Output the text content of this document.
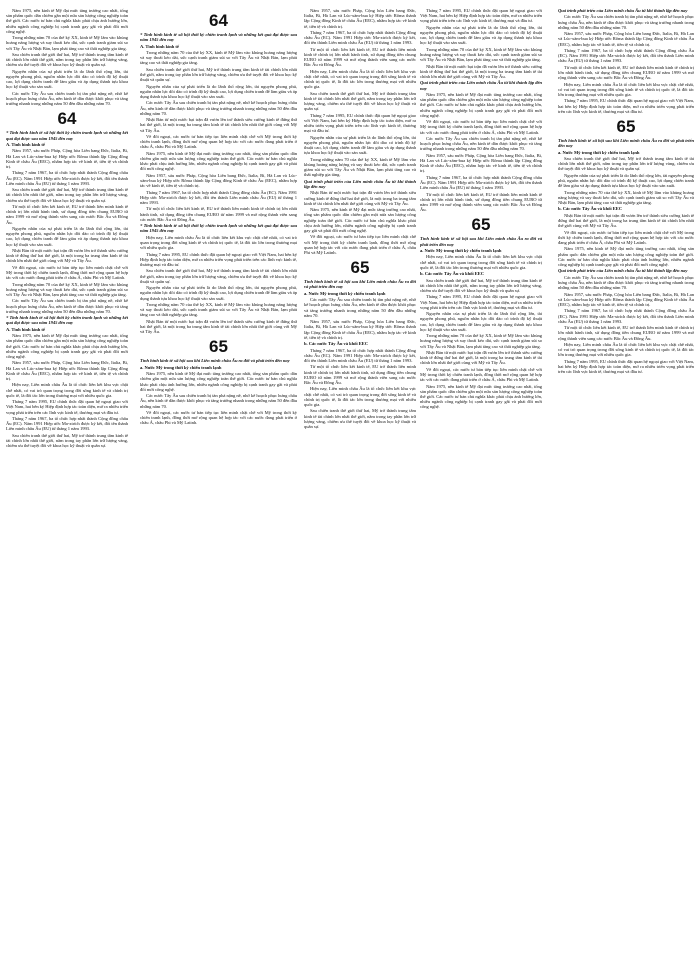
Năm 1975, nền kinh tế Mỹ đạt mức tăng trưởng cao nhất, tổng sản phẩm quốc dân chiếm gần một nửa sản lượng công nghiệp toàn thế giới. Các nước tư bản chủ nghĩa khác phải chịu ảnh hưởng lớn, nhiều ngành công nghiệp bị cạnh tranh gay gắt và phải đổi mới công nghệ.

Trong những năm 70 của thế kỷ XX, kinh tế Mỹ lâm vào khủng hoảng năng lượng và suy thoái kéo dài, sức cạnh tranh giảm sút so với Tây Âu và Nhật Bản, lạm phát tăng cao và thất nghiệp gia tăng.

Sau chiến tranh thế giới thứ hai, Mỹ trở thành trung tâm kinh tế tài chính lớn nhất thế giới, nắm trong tay phần lớn trữ lượng vàng, chiếm ưu thế tuyệt đối về khoa học kỹ thuật và quân sự.

Nguyên nhân của sự phát triển là do lãnh thổ rộng lớn, tài nguyên phong phú, nguồn nhân lực dồi dào có trình độ kỹ thuật cao, lợi dụng chiến tranh để làm giàu và áp dụng thành tựu khoa học kỹ thuật vào sản xuất.

Các nước Tây Âu sau chiến tranh bị tàn phá nặng nề, nhờ kế hoạch phục hưng châu Âu, nền kinh tế dần được khôi phục và tăng trưởng nhanh trong những năm 50 đến đầu những năm 70.

64

* Tinh hình kinh tế xã hội thời kỳ chiến tranh lạnh và những kết quả đạt được sau năm 1945 đến nay

A. Tình hình kinh tế

Năm 1957, sáu nước Pháp, Cộng hòa Liên bang Đức, Italia, Bỉ, Hà Lan và Lúc-xăm-bua ký Hiệp ước Rôma thành lập Cộng đồng Kinh tế châu Âu (EEC), nhằm hợp tác về kinh tế, tiền tệ và chính trị.

Tháng 7 năm 1967, ba tổ chức hợp nhất thành Cộng đồng châu Âu (EC). Năm 1991 Hiệp ước Ma-xtrích được ký kết, đổi tên thành Liên minh châu Âu (EU) từ tháng 1 năm 1993.

Sau chiến tranh thế giới thứ hai, Mỹ trở thành trung tâm kinh tế tài chính lớn nhất thế giới, nắm trong tay phần lớn trữ lượng vàng, chiếm ưu thế tuyệt đối về khoa học kỹ thuật và quân sự.

Từ một tổ chức liên kết kinh tế, EU trở thành liên minh kinh tế chính trị lớn nhất hành tinh, sử dụng đồng tiền chung EURO từ năm 1999 và mở rộng thành viên sang các nước Bắc Âu và Đông Âu.

Nguyên nhân của sự phát triển là do lãnh thổ rộng lớn, tài nguyên phong phú, nguồn nhân lực dồi dào có trình độ kỹ thuật cao, lợi dụng chiến tranh để làm giàu và áp dụng thành tựu khoa học kỹ thuật vào sản xuất.

Nhật Bản từ một nước bại trận đã vươn lên trở thành siêu cường kinh tế đứng thứ hai thế giới, là một trong ba trung tâm kinh tế tài chính lớn nhất thế giới cùng với Mỹ và Tây Âu.

Về đối ngoại, các nước tư bản tiếp tục liên minh chặt chẽ với Mỹ trong thời kỳ chiến tranh lạnh, đồng thời mở rộng quan hệ hợp tác với các nước đang phát triển ở châu Á, châu Phi và Mỹ Latinh.

Trong những năm 70 của thế kỷ XX, kinh tế Mỹ lâm vào khủng hoảng năng lượng và suy thoái kéo dài, sức cạnh tranh giảm sút so với Tây Âu và Nhật Bản, lạm phát tăng cao và thất nghiệp gia tăng.

Các nước Tây Âu sau chiến tranh bị tàn phá nặng nề, nhờ kế hoạch phục hưng châu Âu, nền kinh tế dần được khôi phục và tăng trưởng nhanh trong những năm 50 đến đầu những năm 70.

* Tinh hình kinh tế xã hội thời kỳ chiến tranh lạnh và những kết quả đạt được sau năm 1945 đến nay

A. Tình hình kinh tế

Năm 1975, nền kinh tế Mỹ đạt mức tăng trưởng cao nhất, tổng sản phẩm quốc dân chiếm gần một nửa sản lượng công nghiệp toàn thế giới. Các nước tư bản chủ nghĩa khác phải chịu ảnh hưởng lớn, nhiều ngành công nghiệp bị cạnh tranh gay gắt và phải đổi mới công nghệ.

Năm 1957, sáu nước Pháp, Cộng hòa Liên bang Đức, Italia, Bỉ, Hà Lan và Lúc-xăm-bua ký Hiệp ước Rôma thành lập Cộng đồng Kinh tế châu Âu (EEC), nhằm hợp tác về kinh tế, tiền tệ và chính trị.

Hiện nay, Liên minh châu Âu là tổ chức liên kết khu vực chặt chẽ nhất, có vai trò quan trọng trong đời sống kinh tế và chính trị quốc tế, là đối tác lớn trong thương mại với nhiều quốc gia.

Tháng 7 năm 1995, EU chính thức đặt quan hệ ngoại giao với Việt Nam, hai bên ký Hiệp định hợp tác toàn diện, mở ra nhiều triển vọng phát triển trên các lĩnh vực kinh tế, thương mại và đầu tư.

Tháng 7 năm 1967, ba tổ chức hợp nhất thành Cộng đồng châu Âu (EC). Năm 1991 Hiệp ước Ma-xtrích được ký kết, đổi tên thành Liên minh châu Âu (EU) từ tháng 1 năm 1993.

Sau chiến tranh thế giới thứ hai, Mỹ trở thành trung tâm kinh tế tài chính lớn nhất thế giới, nắm trong tay phần lớn trữ lượng vàng, chiếm ưu thế tuyệt đối về khoa học kỹ thuật và quân sự.

64

* Tinh hình kinh tế xã hội thời kỳ chiến tranh lạnh và những kết quả đạt được sau năm 1945 đến nay

A. Tình hình kinh tế

Trong những năm 70 của thế kỷ XX, kinh tế Mỹ lâm vào khủng hoảng năng lượng và suy thoái kéo dài, sức cạnh tranh giảm sút so với Tây Âu và Nhật Bản, lạm phát tăng cao và thất nghiệp gia tăng.

Sau chiến tranh thế giới thứ hai, Mỹ trở thành trung tâm kinh tế tài chính lớn nhất thế giới, nắm trong tay phần lớn trữ lượng vàng, chiếm ưu thế tuyệt đối về khoa học kỹ thuật và quân sự.

Nguyên nhân của sự phát triển là do lãnh thổ rộng lớn, tài nguyên phong phú, nguồn nhân lực dồi dào có trình độ kỹ thuật cao, lợi dụng chiến tranh để làm giàu và áp dụng thành tựu khoa học kỹ thuật vào sản xuất.

Các nước Tây Âu sau chiến tranh bị tàn phá nặng nề, nhờ kế hoạch phục hưng châu Âu, nền kinh tế dần được khôi phục và tăng trưởng nhanh trong những năm 50 đến đầu những năm 70.

Nhật Bản từ một nước bại trận đã vươn lên trở thành siêu cường kinh tế đứng thứ hai thế giới, là một trong ba trung tâm kinh tế tài chính lớn nhất thế giới cùng với Mỹ và Tây Âu.

Về đối ngoại, các nước tư bản tiếp tục liên minh chặt chẽ với Mỹ trong thời kỳ chiến tranh lạnh, đồng thời mở rộng quan hệ hợp tác với các nước đang phát triển ở châu Á, châu Phi và Mỹ Latinh.

Năm 1975, nền kinh tế Mỹ đạt mức tăng trưởng cao nhất, tổng sản phẩm quốc dân chiếm gần một nửa sản lượng công nghiệp toàn thế giới. Các nước tư bản chủ nghĩa khác phải chịu ảnh hưởng lớn, nhiều ngành công nghiệp bị cạnh tranh gay gắt và phải đổi mới công nghệ.

Năm 1957, sáu nước Pháp, Cộng hòa Liên bang Đức, Italia, Bỉ, Hà Lan và Lúc-xăm-bua ký Hiệp ước Rôma thành lập Cộng đồng Kinh tế châu Âu (EEC), nhằm hợp tác về kinh tế, tiền tệ và chính trị.

Tháng 7 năm 1967, ba tổ chức hợp nhất thành Cộng đồng châu Âu (EC). Năm 1991 Hiệp ước Ma-xtrích được ký kết, đổi tên thành Liên minh châu Âu (EU) từ tháng 1 năm 1993.

Từ một tổ chức liên kết kinh tế, EU trở thành liên minh kinh tế chính trị lớn nhất hành tinh, sử dụng đồng tiền chung EURO từ năm 1999 và mở rộng thành viên sang các nước Bắc Âu và Đông Âu.

* Tinh hình kinh tế xã hội thời kỳ chiến tranh lạnh và những kết quả đạt được sau năm 1945 đến nay

Hiện nay, Liên minh châu Âu là tổ chức liên kết khu vực chặt chẽ nhất, có vai trò quan trọng trong đời sống kinh tế và chính trị quốc tế, là đối tác lớn trong thương mại với nhiều quốc gia.

Tháng 7 năm 1995, EU chính thức đặt quan hệ ngoại giao với Việt Nam, hai bên ký Hiệp định hợp tác toàn diện, mở ra nhiều triển vọng phát triển trên các lĩnh vực kinh tế, thương mại và đầu tư.

Sau chiến tranh thế giới thứ hai, Mỹ trở thành trung tâm kinh tế tài chính lớn nhất thế giới, nắm trong tay phần lớn trữ lượng vàng, chiếm ưu thế tuyệt đối về khoa học kỹ thuật và quân sự.

Nguyên nhân của sự phát triển là do lãnh thổ rộng lớn, tài nguyên phong phú, nguồn nhân lực dồi dào có trình độ kỹ thuật cao, lợi dụng chiến tranh để làm giàu và áp dụng thành tựu khoa học kỹ thuật vào sản xuất.

Trong những năm 70 của thế kỷ XX, kinh tế Mỹ lâm vào khủng hoảng năng lượng và suy thoái kéo dài, sức cạnh tranh giảm sút so với Tây Âu và Nhật Bản, lạm phát tăng cao và thất nghiệp gia tăng.

Nhật Bản từ một nước bại trận đã vươn lên trở thành siêu cường kinh tế đứng thứ hai thế giới, là một trong ba trung tâm kinh tế tài chính lớn nhất thế giới cùng với Mỹ và Tây Âu.

65

Tình hình kinh tế xã hội sau khi Liên minh châu Âu ra đời và phát triển đến nay

a. Nước Mỹ trong thời kỳ chiến tranh lạnh

Năm 1975, nền kinh tế Mỹ đạt mức tăng trưởng cao nhất, tổng sản phẩm quốc dân chiếm gần một nửa sản lượng công nghiệp toàn thế giới. Các nước tư bản chủ nghĩa khác phải chịu ảnh hưởng lớn, nhiều ngành công nghiệp bị cạnh tranh gay gắt và phải đổi mới công nghệ.

Các nước Tây Âu sau chiến tranh bị tàn phá nặng nề, nhờ kế hoạch phục hưng châu Âu, nền kinh tế dần được khôi phục và tăng trưởng nhanh trong những năm 50 đến đầu những năm 70.

Về đối ngoại, các nước tư bản tiếp tục liên minh chặt chẽ với Mỹ trong thời kỳ chiến tranh lạnh, đồng thời mở rộng quan hệ hợp tác với các nước đang phát triển ở châu Á, châu Phi và Mỹ Latinh.

Năm 1957, sáu nước Pháp, Cộng hòa Liên bang Đức, Italia, Bỉ, Hà Lan và Lúc-xăm-bua ký Hiệp ước Rôma thành lập Cộng đồng Kinh tế châu Âu (EEC), nhằm hợp tác về kinh tế, tiền tệ và chính trị.

Tháng 7 năm 1967, ba tổ chức hợp nhất thành Cộng đồng châu Âu (EC). Năm 1991 Hiệp ước Ma-xtrích được ký kết, đổi tên thành Liên minh châu Âu (EU) từ tháng 1 năm 1993.

Từ một tổ chức liên kết kinh tế, EU trở thành liên minh kinh tế chính trị lớn nhất hành tinh, sử dụng đồng tiền chung EURO từ năm 1999 và mở rộng thành viên sang các nước Bắc Âu và Đông Âu.

Hiện nay, Liên minh châu Âu là tổ chức liên kết khu vực chặt chẽ nhất, có vai trò quan trọng trong đời sống kinh tế và chính trị quốc tế, là đối tác lớn trong thương mại với nhiều quốc gia.

Sau chiến tranh thế giới thứ hai, Mỹ trở thành trung tâm kinh tế tài chính lớn nhất thế giới, nắm trong tay phần lớn trữ lượng vàng, chiếm ưu thế tuyệt đối về khoa học kỹ thuật và quân sự.

Tháng 7 năm 1995, EU chính thức đặt quan hệ ngoại giao với Việt Nam, hai bên ký Hiệp định hợp tác toàn diện, mở ra nhiều triển vọng phát triển trên các lĩnh vực kinh tế, thương mại và đầu tư.

Nguyên nhân của sự phát triển là do lãnh thổ rộng lớn, tài nguyên phong phú, nguồn nhân lực dồi dào có trình độ kỹ thuật cao, lợi dụng chiến tranh để làm giàu và áp dụng thành tựu khoa học kỹ thuật vào sản xuất.

Trong những năm 70 của thế kỷ XX, kinh tế Mỹ lâm vào khủng hoảng năng lượng và suy thoái kéo dài, sức cạnh tranh giảm sút so với Tây Âu và Nhật Bản, lạm phát tăng cao và thất nghiệp gia tăng.

Quá trình phát triển của Liên minh châu Âu từ khi thành lập đến nay

Nhật Bản từ một nước bại trận đã vươn lên trở thành siêu cường kinh tế đứng thứ hai thế giới, là một trong ba trung tâm kinh tế tài chính lớn nhất thế giới cùng với Mỹ và Tây Âu.

Năm 1975, nền kinh tế Mỹ đạt mức tăng trưởng cao nhất, tổng sản phẩm quốc dân chiếm gần một nửa sản lượng công nghiệp toàn thế giới. Các nước tư bản chủ nghĩa khác phải chịu ảnh hưởng lớn, nhiều ngành công nghiệp bị cạnh tranh gay gắt và phải đổi mới công nghệ.

Về đối ngoại, các nước tư bản tiếp tục liên minh chặt chẽ với Mỹ trong thời kỳ chiến tranh lạnh, đồng thời mở rộng quan hệ hợp tác với các nước đang phát triển ở châu Á, châu Phi và Mỹ Latinh.

65

Tình hình kinh tế xã hội sau khi Liên minh châu Âu ra đời và phát triển đến nay

a. Nước Mỹ trong thời kỳ chiến tranh lạnh

Các nước Tây Âu sau chiến tranh bị tàn phá nặng nề, nhờ kế hoạch phục hưng châu Âu, nền kinh tế dần được khôi phục và tăng trưởng nhanh trong những năm 50 đến đầu những năm 70.

Năm 1957, sáu nước Pháp, Cộng hòa Liên bang Đức, Italia, Bỉ, Hà Lan và Lúc-xăm-bua ký Hiệp ước Rôma thành lập Cộng đồng Kinh tế châu Âu (EEC), nhằm hợp tác về kinh tế, tiền tệ và chính trị.

b. Các nước Tây Âu và khối EEC

Tháng 7 năm 1967, ba tổ chức hợp nhất thành Cộng đồng châu Âu (EC). Năm 1991 Hiệp ước Ma-xtrích được ký kết, đổi tên thành Liên minh châu Âu (EU) từ tháng 1 năm 1993.

Từ một tổ chức liên kết kinh tế, EU trở thành liên minh kinh tế chính trị lớn nhất hành tinh, sử dụng đồng tiền chung EURO từ năm 1999 và mở rộng thành viên sang các nước Bắc Âu và Đông Âu.

Hiện nay, Liên minh châu Âu là tổ chức liên kết khu vực chặt chẽ nhất, có vai trò quan trọng trong đời sống kinh tế và chính trị quốc tế, là đối tác lớn trong thương mại với nhiều quốc gia.

Sau chiến tranh thế giới thứ hai, Mỹ trở thành trung tâm kinh tế tài chính lớn nhất thế giới, nắm trong tay phần lớn trữ lượng vàng, chiếm ưu thế tuyệt đối về khoa học kỹ thuật và quân sự.

Tháng 7 năm 1995, EU chính thức đặt quan hệ ngoại giao với Việt Nam, hai bên ký Hiệp định hợp tác toàn diện, mở ra nhiều triển vọng phát triển trên các lĩnh vực kinh tế, thương mại và đầu tư.

Nguyên nhân của sự phát triển là do lãnh thổ rộng lớn, tài nguyên phong phú, nguồn nhân lực dồi dào có trình độ kỹ thuật cao, lợi dụng chiến tranh để làm giàu và áp dụng thành tựu khoa học kỹ thuật vào sản xuất.

Trong những năm 70 của thế kỷ XX, kinh tế Mỹ lâm vào khủng hoảng năng lượng và suy thoái kéo dài, sức cạnh tranh giảm sút so với Tây Âu và Nhật Bản, lạm phát tăng cao và thất nghiệp gia tăng.

Nhật Bản từ một nước bại trận đã vươn lên trở thành siêu cường kinh tế đứng thứ hai thế giới, là một trong ba trung tâm kinh tế tài chính lớn nhất thế giới cùng với Mỹ và Tây Âu.

Quá trình phát triển của Liên minh châu Âu từ khi thành lập đến nay

Năm 1975, nền kinh tế Mỹ đạt mức tăng trưởng cao nhất, tổng sản phẩm quốc dân chiếm gần một nửa sản lượng công nghiệp toàn thế giới. Các nước tư bản chủ nghĩa khác phải chịu ảnh hưởng lớn, nhiều ngành công nghiệp bị cạnh tranh gay gắt và phải đổi mới công nghệ.

Về đối ngoại, các nước tư bản tiếp tục liên minh chặt chẽ với Mỹ trong thời kỳ chiến tranh lạnh, đồng thời mở rộng quan hệ hợp tác với các nước đang phát triển ở châu Á, châu Phi và Mỹ Latinh.

Các nước Tây Âu sau chiến tranh bị tàn phá nặng nề, nhờ kế hoạch phục hưng châu Âu, nền kinh tế dần được khôi phục và tăng trưởng nhanh trong những năm 50 đến đầu những năm 70.

Năm 1957, sáu nước Pháp, Cộng hòa Liên bang Đức, Italia, Bỉ, Hà Lan và Lúc-xăm-bua ký Hiệp ước Rôma thành lập Cộng đồng Kinh tế châu Âu (EEC), nhằm hợp tác về kinh tế, tiền tệ và chính trị.

Tháng 7 năm 1967, ba tổ chức hợp nhất thành Cộng đồng châu Âu (EC). Năm 1991 Hiệp ước Ma-xtrích được ký kết, đổi tên thành Liên minh châu Âu (EU) từ tháng 1 năm 1993.

Từ một tổ chức liên kết kinh tế, EU trở thành liên minh kinh tế chính trị lớn nhất hành tinh, sử dụng đồng tiền chung EURO từ năm 1999 và mở rộng thành viên sang các nước Bắc Âu và Đông Âu.

65

Tình hình kinh tế xã hội sau khi Liên minh châu Âu ra đời và phát triển đến nay

a. Nước Mỹ trong thời kỳ chiến tranh lạnh

Hiện nay, Liên minh châu Âu là tổ chức liên kết khu vực chặt chẽ nhất, có vai trò quan trọng trong đời sống kinh tế và chính trị quốc tế, là đối tác lớn trong thương mại với nhiều quốc gia.

b. Các nước Tây Âu và khối EEC

Sau chiến tranh thế giới thứ hai, Mỹ trở thành trung tâm kinh tế tài chính lớn nhất thế giới, nắm trong tay phần lớn trữ lượng vàng, chiếm ưu thế tuyệt đối về khoa học kỹ thuật và quân sự.

Tháng 7 năm 1995, EU chính thức đặt quan hệ ngoại giao với Việt Nam, hai bên ký Hiệp định hợp tác toàn diện, mở ra nhiều triển vọng phát triển trên các lĩnh vực kinh tế, thương mại và đầu tư.

Nguyên nhân của sự phát triển là do lãnh thổ rộng lớn, tài nguyên phong phú, nguồn nhân lực dồi dào có trình độ kỹ thuật cao, lợi dụng chiến tranh để làm giàu và áp dụng thành tựu khoa học kỹ thuật vào sản xuất.

Trong những năm 70 của thế kỷ XX, kinh tế Mỹ lâm vào khủng hoảng năng lượng và suy thoái kéo dài, sức cạnh tranh giảm sút so với Tây Âu và Nhật Bản, lạm phát tăng cao và thất nghiệp gia tăng.

Nhật Bản từ một nước bại trận đã vươn lên trở thành siêu cường kinh tế đứng thứ hai thế giới, là một trong ba trung tâm kinh tế tài chính lớn nhất thế giới cùng với Mỹ và Tây Âu.

Về đối ngoại, các nước tư bản tiếp tục liên minh chặt chẽ với Mỹ trong thời kỳ chiến tranh lạnh, đồng thời mở rộng quan hệ hợp tác với các nước đang phát triển ở châu Á, châu Phi và Mỹ Latinh.

Năm 1975, nền kinh tế Mỹ đạt mức tăng trưởng cao nhất, tổng sản phẩm quốc dân chiếm gần một nửa sản lượng công nghiệp toàn thế giới. Các nước tư bản chủ nghĩa khác phải chịu ảnh hưởng lớn, nhiều ngành công nghiệp bị cạnh tranh gay gắt và phải đổi mới công nghệ.

Quá trình phát triển của Liên minh châu Âu từ khi thành lập đến nay

Các nước Tây Âu sau chiến tranh bị tàn phá nặng nề, nhờ kế hoạch phục hưng châu Âu, nền kinh tế dần được khôi phục và tăng trưởng nhanh trong những năm 50 đến đầu những năm 70.

Năm 1957, sáu nước Pháp, Cộng hòa Liên bang Đức, Italia, Bỉ, Hà Lan và Lúc-xăm-bua ký Hiệp ước Rôma thành lập Cộng đồng Kinh tế châu Âu (EEC), nhằm hợp tác về kinh tế, tiền tệ và chính trị.

Tháng 7 năm 1967, ba tổ chức hợp nhất thành Cộng đồng châu Âu (EC). Năm 1991 Hiệp ước Ma-xtrích được ký kết, đổi tên thành Liên minh châu Âu (EU) từ tháng 1 năm 1993.

Từ một tổ chức liên kết kinh tế, EU trở thành liên minh kinh tế chính trị lớn nhất hành tinh, sử dụng đồng tiền chung EURO từ năm 1999 và mở rộng thành viên sang các nước Bắc Âu và Đông Âu.

Hiện nay, Liên minh châu Âu là tổ chức liên kết khu vực chặt chẽ nhất, có vai trò quan trọng trong đời sống kinh tế và chính trị quốc tế, là đối tác lớn trong thương mại với nhiều quốc gia.

Tháng 7 năm 1995, EU chính thức đặt quan hệ ngoại giao với Việt Nam, hai bên ký Hiệp định hợp tác toàn diện, mở ra nhiều triển vọng phát triển trên các lĩnh vực kinh tế, thương mại và đầu tư.

65

Tình hình kinh tế xã hội sau khi Liên minh châu Âu ra đời và phát triển đến nay

a. Nước Mỹ trong thời kỳ chiến tranh lạnh

Sau chiến tranh thế giới thứ hai, Mỹ trở thành trung tâm kinh tế tài chính lớn nhất thế giới, nắm trong tay phần lớn trữ lượng vàng, chiếm ưu thế tuyệt đối về khoa học kỹ thuật và quân sự.

Nguyên nhân của sự phát triển là do lãnh thổ rộng lớn, tài nguyên phong phú, nguồn nhân lực dồi dào có trình độ kỹ thuật cao, lợi dụng chiến tranh để làm giàu và áp dụng thành tựu khoa học kỹ thuật vào sản xuất.

Trong những năm 70 của thế kỷ XX, kinh tế Mỹ lâm vào khủng hoảng năng lượng và suy thoái kéo dài, sức cạnh tranh giảm sút so với Tây Âu và Nhật Bản, lạm phát tăng cao và thất nghiệp gia tăng.

b. Các nước Tây Âu và khối EEC

Nhật Bản từ một nước bại trận đã vươn lên trở thành siêu cường kinh tế đứng thứ hai thế giới, là một trong ba trung tâm kinh tế tài chính lớn nhất thế giới cùng với Mỹ và Tây Âu.

Về đối ngoại, các nước tư bản tiếp tục liên minh chặt chẽ với Mỹ trong thời kỳ chiến tranh lạnh, đồng thời mở rộng quan hệ hợp tác với các nước đang phát triển ở châu Á, châu Phi và Mỹ Latinh.

Năm 1975, nền kinh tế Mỹ đạt mức tăng trưởng cao nhất, tổng sản phẩm quốc dân chiếm gần một nửa sản lượng công nghiệp toàn thế giới. Các nước tư bản chủ nghĩa khác phải chịu ảnh hưởng lớn, nhiều ngành công nghiệp bị cạnh tranh gay gắt và phải đổi mới công nghệ.

Quá trình phát triển của Liên minh châu Âu từ khi thành lập đến nay

Các nước Tây Âu sau chiến tranh bị tàn phá nặng nề, nhờ kế hoạch phục hưng châu Âu, nền kinh tế dần được khôi phục và tăng trưởng nhanh trong những năm 50 đến đầu những năm 70.

Năm 1957, sáu nước Pháp, Cộng hòa Liên bang Đức, Italia, Bỉ, Hà Lan và Lúc-xăm-bua ký Hiệp ước Rôma thành lập Cộng đồng Kinh tế châu Âu (EEC), nhằm hợp tác về kinh tế, tiền tệ và chính trị.

Tháng 7 năm 1967, ba tổ chức hợp nhất thành Cộng đồng châu Âu (EC). Năm 1991 Hiệp ước Ma-xtrích được ký kết, đổi tên thành Liên minh châu Âu (EU) từ tháng 1 năm 1993.

Từ một tổ chức liên kết kinh tế, EU trở thành liên minh kinh tế chính trị lớn nhất hành tinh, sử dụng đồng tiền chung EURO từ năm 1999 và mở rộng thành viên sang các nước Bắc Âu và Đông Âu.

Hiện nay, Liên minh châu Âu là tổ chức liên kết khu vực chặt chẽ nhất, có vai trò quan trọng trong đời sống kinh tế và chính trị quốc tế, là đối tác lớn trong thương mại với nhiều quốc gia.

Tháng 7 năm 1995, EU chính thức đặt quan hệ ngoại giao với Việt Nam, hai bên ký Hiệp định hợp tác toàn diện, mở ra nhiều triển vọng phát triển trên các lĩnh vực kinh tế, thương mại và đầu tư.
